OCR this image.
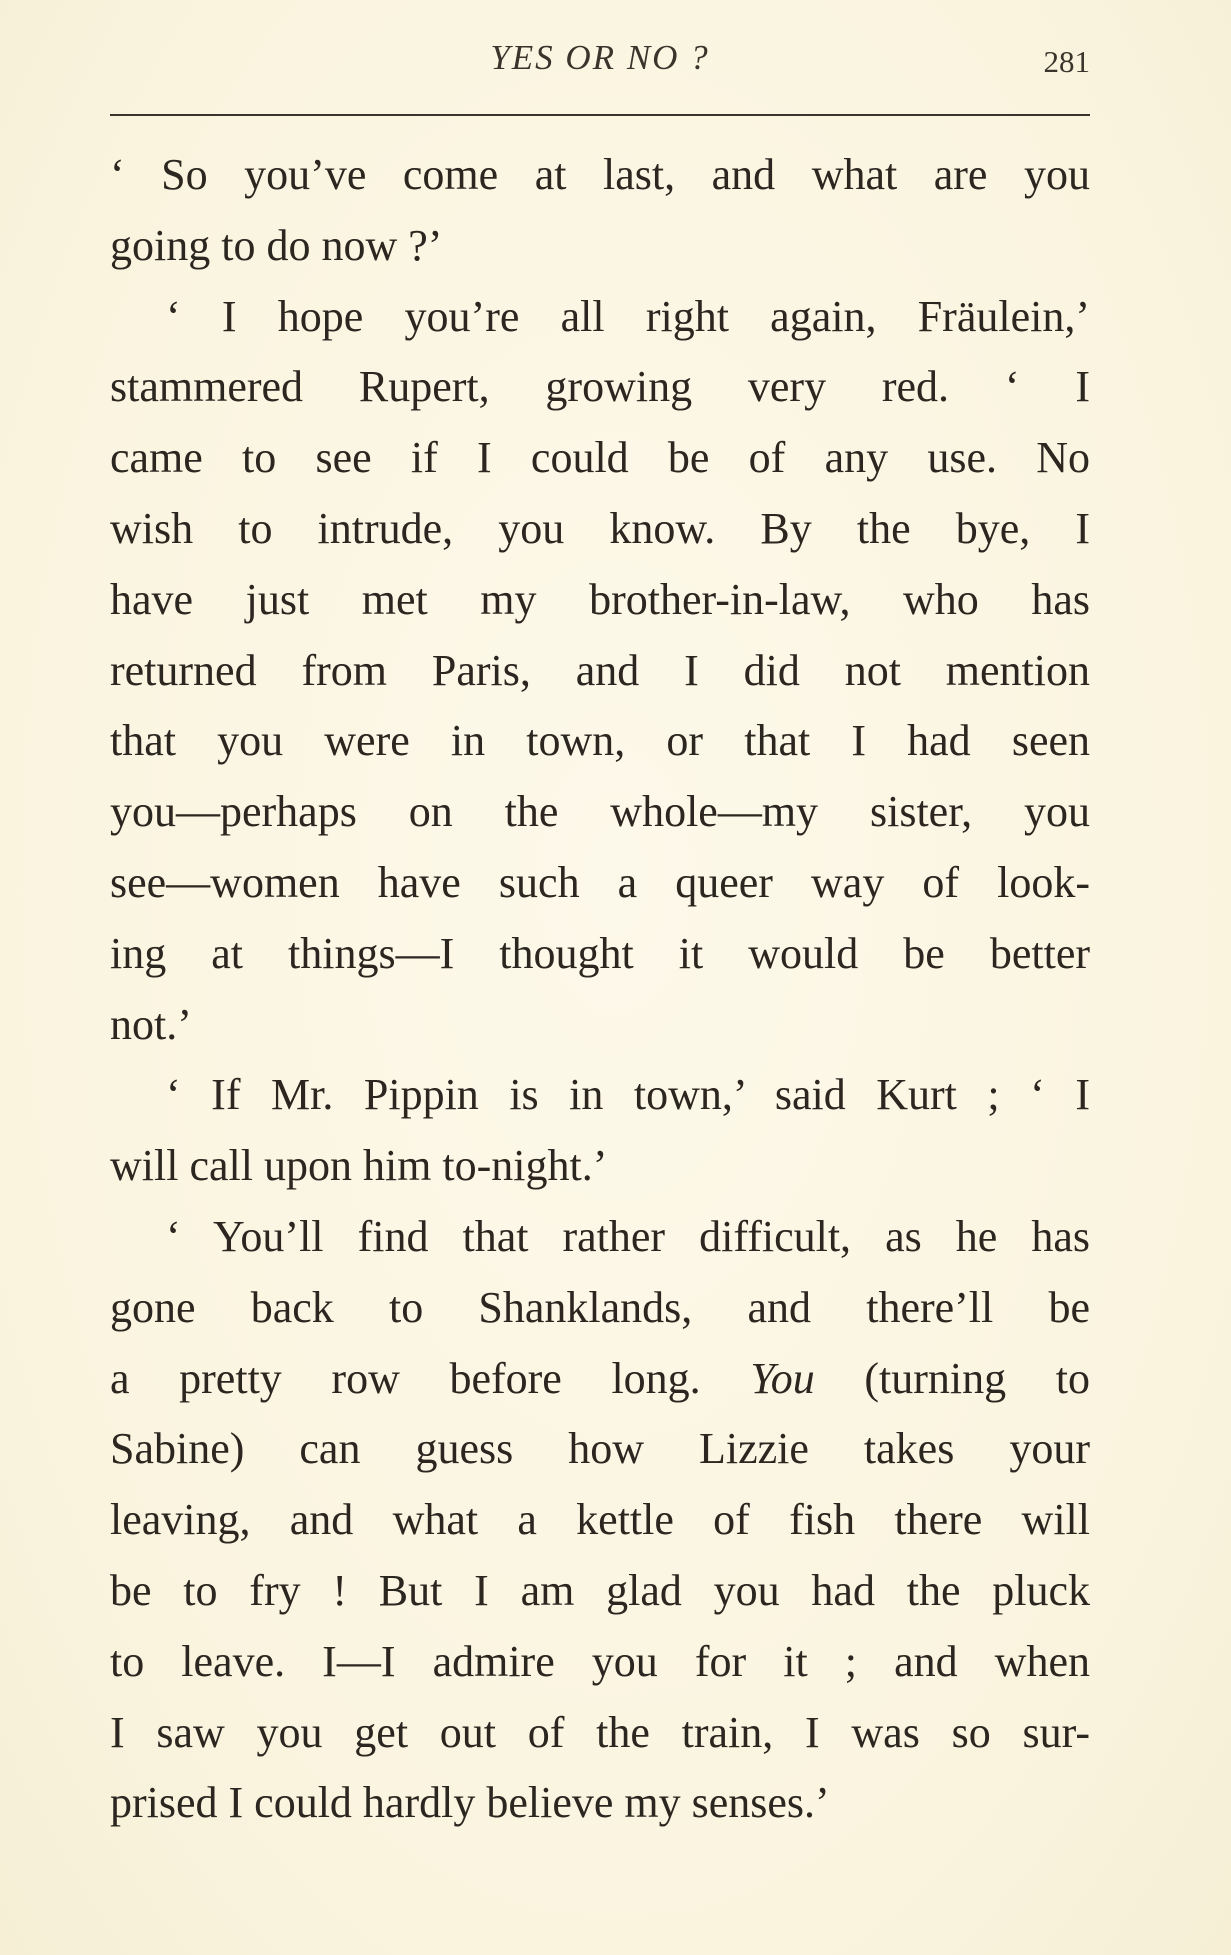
YES OR NO ?	281
‘ So you’ve come at last, and what are you
going to do now ?’
‘ I hope you’re all right again, Fräulein,’
stammered Rupert, growing very red. ‘ I
came to see if I could be of any use. No
wish to intrude, you know. By the bye, I
have just met my brother-in-law, who has
returned from Paris, and I did not mention
that you were in town, or that I had seen
you—perhaps on the whole—my sister, you
see—women have such a queer way of look-
ing at things—I thought it would be better
not.’
‘ If Mr. Pippin is in town,’ said Kurt ; ‘ I
will call upon him to-night.’
‘ You’ll find that rather difficult, as he has
gone back to Shanklands, and there’ll be
a pretty row before long. You (turning to
Sabine) can guess how Lizzie takes your
leaving, and what a kettle of fish there will
be to fry ! But I am glad you had the pluck
to leave. I—I admire you for it ; and when
I saw you get out of the train, I was so sur-
prised I could hardly believe my senses.’
